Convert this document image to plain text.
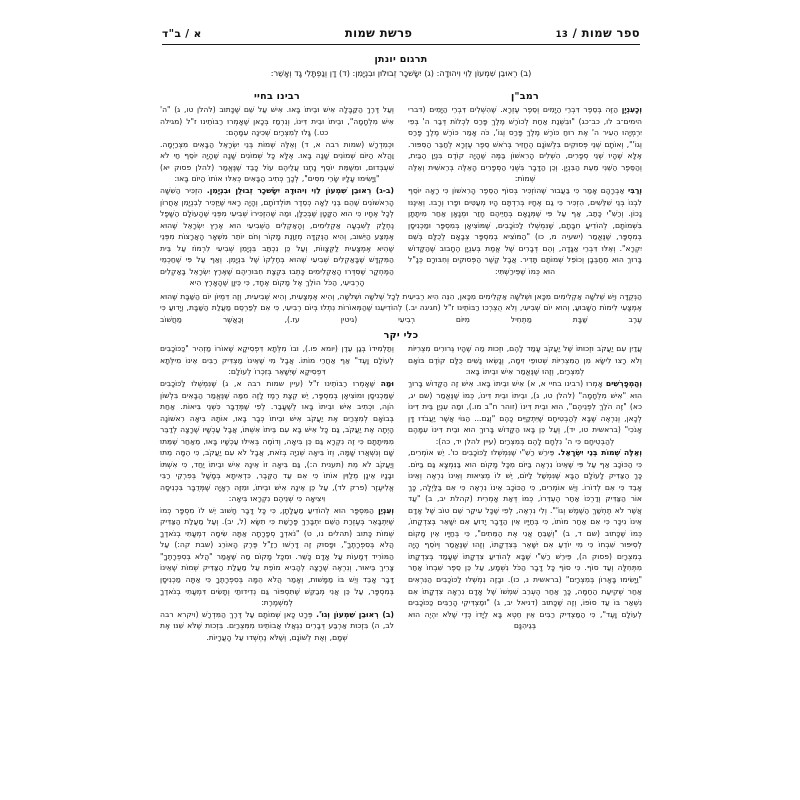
ספר שמות / 13
פרשת שמות
א / ב"ד
תרגום יונתן
(ב) רְאוּבֵן שִׁמְעוֹן לֵוִי וִיהוּדָה: (ג) יִשָׂשׁכָר זְבוּלוּן וּבִנְיָמִן: (ד) דָן וְנַפְתָּלִי גָד וְאָשֵׁר:
רמב"ן
וְכָעִנְיָן הַזֶּה בְּסֵפֶר דִּבְרֵי הַיָּמִים וְסֵפֶר עֶזְרָא. שֶׁהִשְׁלִים דִּבְרֵי הַיָּמִים (דברי הימים־ב לו, כב־כג) "וּבִשְׁנַת אַחַת לְכוֹרֶשׁ מֶלֶךְ פָּרַס לִכְלוֹת דְּבַר ה' בְּפִי יִרְמְיָהוּ הֵעִיר ה' אֶת רוּחַ כּוֹרֶשׁ מֶלֶךְ פָּרַס וְגוֹ', כֹּה אָמַר כּוֹרֶשׁ מֶלֶךְ פָּרַס וְגוֹ'", וְאוֹתָם שְׁנֵי פְּסוּקִים בִּלְשׁוֹנָם הֶחֱזִיר בְּרֹאשׁ סֵפֶר עֶזְרָא לְחַבֵּר הַסִּפּוּר. אֶלָּא שֶׁהָיוּ שְׁנֵי סְפָרִים, הִשְׁלִים הָרִאשׁוֹן בַּמֶּה שֶׁהָיָה קוֹדֶם בִּנְיַן הַבַּיִת, וְהַסֵּפֶר הַשֵּׁנִי מֵעֵת הַבִּנְיָן. וְכֵן הַדָּבָר בִּשְׁנֵי הַסְּפָרִים הָאֵלֶּה בְּרֵאשִׁית וְאֵלֶּה שְׁמוֹת:
וְרַבִּי אַבְרָהָם אָמַר כִּי בַּעֲבוּר שֶׁהוֹזְכִּיר בְּסוֹף הַסֵּפֶר הָרִאשׁוֹן כִּי רָאָה יוֹסֵף לִבְנוֹ בְּנֵי שִׁלֵּשִׁים, הִזְכִּיר כִּי גַם אֶחָיו בְּרִדְתָּם הָיוּ מְעַטִּים וּפָרוּ וְרָבוּ. וְאֵינֶנּוּ נָכוֹן. וְרַשִׁ"י כָּתַב, אַף עַל פִּי שֶׁמְּנָאָם בְּחַיֵּיהֶם חָזַר וּמְנָאָן אַחַר מִיתָתָן בִּשְׁמוֹתָם, לְהוֹדִיעַ חִבָּתָם, שֶׁנִּמְשְׁלוּ לַכּוֹכָבִים, שֶׁמּוֹצִיאָן בְּמִסְפָּר וּמַכְנִיסָן בְּמִסְפָּר, שֶׁנֶּאֱמַר (ישעיה מ, כו) "הַמּוֹצִיא בְמִסְפָּר צְבָאָם לְכֻלָּם בְּשֵׁם יִקְרָא". וְאֵלּוּ דִּבְרֵי אַגָּדָה, וְהֵם דְּבָרִים שֶׁל אֱמֶת בְּעִנְיָן הֶחָבוּב שֶׁהַקָּדוֹשׁ בָּרוּךְ הוּא מְחַבְּבָן וְכוֹפֵל שְׁמוֹתָם תָּדִיר. אֲבָל קֶשֶׁר הַפְּסוּקִים וְחִבּוּרָם כְּנָ"ל הוּא כְּמוֹ שֶׁפֵּירַשְׁתִּי:
רבינו בחיי
וְעַל דֶּרֶךְ הַקַּבָּלָה אִישׁ וּבֵיתוֹ בָּאוּ. אִישׁ עַל שֵׁם שֶׁכָּתוּב (להלן טו, ג) "ה' אִישׁ מִלְחָמָה", וּבֵיתוֹ וּבֵית דִּינוֹ, וְנִרְמַז בְּכָאן שֶׁאָמְרוּ רַבּוֹתֵינוּ ז"ל (מגילה כט.) גָּלוּ לְמִצְרַיִם שְׁכִינָה עִמָּהֶם:
וּכְמִדְרָשׁ (שמות רבה א, ד) וְאֵלֶּה שְׁמוֹת בְּנֵי יִשְׂרָאֵל הַבָּאִים מִצְרַיְמָה. וַהֲלֹא הַיּוֹם שְׁמוֹנִים שָׁנָה בָּאוּ. אֶלָּא כָּל שְׁמוֹנִים שָׁנָה שֶׁהָיָה יוֹסֵף חַי לֹא שִׁעְבְּדוּם, וּמִשֶּׁמֵּת יוֹסֵף נָתְנוּ עֲלֵיהֶם עוֹל כָּבֵד שֶׁנֶּאֱמַר (להלן פסוק יא) "וַיָּשִׂימוּ עָלָיו שָׂרֵי מִסִּים", לְכָךְ כְּתִיב הַבָּאִים כְּאִלּוּ אוֹתוֹ הַיּוֹם בָּאוּ:
(ב-ג) רְאוּבֵן שִׁמְעוֹן לֵוִי וִיהוּדָה יִשָׂשׁכָר זְבוּלֻן וּבִנְיָמִן. הִזְכִּיר הַשִּׁשָּׁה הָרִאשׁוֹנִים שֶׁהֵם בְּנֵי לֵאָה כְּסֵדֶר תּוֹלְדוֹתָם, וְהָיָה רָאוּי שֶׁיַּזְכִּיר לְבִנְיָמִן אַחֲרוֹן לְכָל אֶחָיו כִּי הוּא הַקָּטָן שֶׁבְּכֻלָּן, וּמַה שֶּׁהִזְכִּירוֹ שְׁבִיעִי מִפְּנֵי שֶׁהָעוֹלָם הַשָּׁפָל נֶחְלָק לְשִׁבְעָה אַקְלִימִים, וְהָאַקְלִים הַשְּׁבִיעִי הוּא אֶרֶץ יִשְׂרָאֵל שֶׁהוּא אֶמְצַע הַיִּשּׁוּב, וְהִיא הַנְּקֻדָּה מְזֻוֶּנֶת מָקוֹר וְחֹם יוֹתֵר מִשְּׁאָר הָאֲרָצוֹת מִפְּנֵי שֶׁהִיא אֶמְצָעִית לַקְּצָווֹת, וְעַל כֵּן נִכְתַּב בִּנְיָמִן שְׁבִיעִי לִרְמוֹז עַל בֵּית הַמִּקְדָּשׁ שֶׁבָּאַקְלִים שְׁבִיעִי שֶׁהוּא בְּחֶלְקוֹ שֶׁל בִּנְיָמִן. וְאַף עַל פִּי שֶׁחַכְמֵי הַמֶּחְקָר שֶׁסִּדְּרוּ הָאַקְלִימִים כָּתְבוּ בִּקְצָת חִבּוּרֵיהֶם שֶׁאֶרֶץ יִשְׂרָאֵל בָּאַקְלִים הָרְבִיעִי, הַכֹּל הוֹלֵךְ אֶל מָקוֹם אֶחָד, כִּי כֵּיוָן שֶׁהָאָרֶץ הִיא
הַנְּקֻדָּה וְיֵשׁ שְׁלֹשָׁה אַקְלִימִים מִכָּאן וּשְׁלֹשָׁה אַקְלִימִים מִכָּאן, הִנֵּה הִיא רְבִיעִית לְכָל שְׁלֹשָׁה וּשְׁלֹשָׁה, וְהִיא אֶמְצָעִית, וְהִיא שְׁבִיעִית, וְזֶה דִּמְיוֹן יוֹם הַשַּׁבָּת שֶׁהוּא אֶמְצָעִי לִימוֹת הַשָּׁבוּעַ, וְהוּא יוֹם שְׁבִיעִי, וְלֹא הֻצְרְכוּ רַבּוֹתֵינוּ ז"ל (חגיגה יב.) לְהוֹדִיעֵנוּ שֶׁהַמְּאוֹרוֹת נִתְלוּ בְּיוֹם רְבִיעִי, כִּי אִם לְפַרְסֵם מַעֲלַת הַשַּׁבָּת, וְיָדוּעַ כִּי עֶרֶב שַׁבָּת מַתְחִיל מִיּוֹם רְבִיעִי (גיטין עז.), וְכַאֲשֶׁר מַחֲשׁוֹב
כלי יקר
עֲדַיִן עִם יַעֲקֹב וּזְכוּתוֹ שֶׁל יַעֲקֹב עָמַד לָהֶם, וּזְכוּת מַה שֶׁהָיוּ גְּרוּרִים מִצְרִיּוֹת וְלֹא רָצוּ לִישָׂא מִן הַמִּצְרִיּוֹת שְׁטוּפֵי זִימָה, וְנָשְׂאוּ נָשִׁים כֻּלָּם קוֹדֶם בּוֹאָם לְמִצְרַיִם, וְזֶהוּ שֶׁנֶּאֱמַר אִישׁ וּבֵיתוֹ בָּאוּ:
וְהַמְפָרְשִׁים אָמְרוּ (רבינו בחיי א, א) אִישׁ וּבֵיתוֹ בָּאוּ. אִישׁ זֶה הַקָּדוֹשׁ בָּרוּךְ הוּא "אִישׁ מִלְחָמָה" (להלן טו, ג), וּבֵיתוֹ וּבֵית דִּינוֹ, כְּמוֹ שֶׁנֶּאֱמַר (שם יג, כא) "זֶה הֹלֵךְ לִפְנֵיהֶם", הוּא וּבֵית דִּינוֹ (זוהר ח"ב מו.), וּמַה עִנְיַן בֵּית דִּינוֹ לְכָאן, וְנִרְאֶה שֶׁבָּא לְהַבְטִיחָם שֶׁיִּתְקַיֵּים כָּהֶם "וְגַם... הַגּוֹי אֲשֶׁר יַעֲבֹדוּ דָּן אָנֹכִי" (בראשית טו, יד), וְעַל כֵּן בָּאוּ הַקָּדוֹשׁ בָּרוּךְ הוּא וּבֵית דִּינוֹ עִמָּהֶם לְהַבְטִיחָם כִּי ה' נִלְחָם לָהֶם בְּמִצְרַיִם (עיין להלן יד, כה):
וְאֵלֶּה שְׁמוֹת בְּנֵי יִשְׂרָאֵל. פֵּירֵשׁ רַשִׁ"י שֶׁנִּמְשְׁלוּ לַכּוֹכָבִים כוּ'. יֵשׁ אוֹמְרִים, כִּי הַכּוֹכָב אַף עַל פִּי שֶׁאֵינוֹ נִרְאֶה בַּיּוֹם מִכָּל מָקוֹם הוּא בַּנִּמְצָא גַּם בַּיּוֹם. כָּךְ הַצַּדִּיק לָעוֹלָם הַבָּא שֶׁנִּמְשַׁל לַיּוֹם, יֵשׁ לוֹ מְצִיאוּת וְאֵינוֹ נִרְאֶה וְאֵינוֹ אָבֵד כִּי אִם לְדוֹרוֹ. וְיֵשׁ אוֹמְרִים, כִּי הַכּוֹכָב אֵינוֹ נִרְאֶה כִּי אִם בַּלַּיְלָה, כָּךְ אוֹר הַצַּדִּיק וְדַרְכּוֹ אַחַר הֶעְדֵּרוֹ, כְּמוֹ דְּאַת אָמְרִית (קהלת יב, ב) "עַד אֲשֶׁר לֹא תֶחְשַׁךְ הַשֶּׁמֶשׁ וְגוֹ'". וְלִי נִרְאֶה, לְפִי שֶׁכָּל עִיקַר שֵׁם טוֹב שֶׁל אָדָם אֵינוֹ נִיכָּר כִּי אִם אַחַר מוֹתוֹ, כִּי בְּחַיָּיו אֵין הַדָּבָר יָדוּעַ אִם יִשָּׁאֵר בְּצִדְקָתוֹ, כְּמוֹ שֶׁכָּתוּב (שם ד, ב) "וְשַׁבֵּחַ אֲנִי אֶת הַמֵּתִים", כִּי בְּחַיָּיו אֵין מָקוֹם לְסִיפּוּר שִׁבְחוֹ כִּי מִי יוֹדֵעַ אִם יִשָּׁאֵר בְּצִדְקָתוֹ, וְזֶהוּ שֶׁנֶּאֱמַר וְיוֹסֵף הָיָה בְמִצְרָיִם (פסוק ה), פֵּירֵשׁ רַשִׁ"י שֶׁבָּא לְהוֹדִיעַ צִדְקָתוֹ שֶׁעָמַד בְּצִדְקָתוֹ מִתְּחִלָּה וְעַד סוֹף. כִּי סוֹף כָּל דָּבָר הַכֹּל נִשְׁמָע, עַל כֵּן סֵפֶר שִׁבְחוֹ אַחַר "וַיָּשִׂימוּ בָּאָרוֹן בְּמִצְרָיִם" (בראשית נ, כו). וּבָזֶה נִמְשְׁלוּ לַכּוֹכָבִים הַנִּרְאִים אַחַר שְׁקִיעַת הַחַמָּה, כָּךְ אַחַר הֶעְרֵב שִׁמְשׁוֹ שֶׁל אָדָם נִרְאָה צִדְקָתוֹ אִם נִשְׁאַר בּוֹ עַד סוֹפוֹ, וְזֶה שֶׁכָּתוּב (דניאל יב, ג) "וּמַצְדִּיקֵי הָרַבִּים כַּכּוֹכָבִים לְעוֹלָם וָעֶד", כִּי הַמַּצְדִּיק רַבִּים אֵין חֵטְא בָּא לְיָדוֹ כְּדֵי שֶׁלֹּא יִהְיֶה הוּא בְּגֵיהִנָּם
וְתַלְמִידוֹ בְּגַן עֵדֶן (יומא פו.), וּבוֹ מִלְּתָא דִּפְסִיקָא שֶׁאוֹרוֹ מַזְהִיר "כַּכּוֹכָבִים לְעוֹלָם וָעֶד" אַף אַחֲרֵי מוֹתוֹ. אֲבָל מִי שֶׁאֵינוֹ מַצְדִּיק רַבִּים אֵינוֹ מִילְּתָא דִּפְסִיקָא שֶׁיִּשָּׁאֵר בְּזִכְרוֹ לְעוֹלָם:
וּמַה שֶּׁאָמְרוּ רַבּוֹתֵינוּ ז"ל (עיין שמות רבה א, ג) שֶׁנִּמְשְׁלוּ לַכּוֹכָבִים שֶׁמַּכְנִיסָן וּמוֹצִיאָן בְּמִסְפָּר, יֵשׁ קְצָת רֶמֶז לָזֶה מִמַּה שֶּׁנֶּאֱמַר הַבָּאִים בִּלְשׁוֹן הֹוֶה, וּכְתִיב אִישׁ וּבֵיתוֹ בָּאוּ לְשֶׁעָבַר. לְפִי שֶׁמְּדֻבָּר כִּשְׁנֵי בִּיאוֹת. אַחַת בְּבוֹאָם לְמִצְרַיִם אֶת יַעֲקֹב אִישׁ וּבֵיתוֹ כְּבָר בָּאוּ, אוֹתָהּ בִּיאָה רִאשׁוֹנָה הָיְתָה אֶת יַעֲקֹב, גַּם כָּל אִישׁ בָּא עִם בֵּיתוֹ אִשְׁתּוֹ, אֲבָל עַכְשָׁיו שֶׁרָצָה לְדַבֵּר מִמִּיתָתָם כִּי זֶה נִקְרָא גַּם כֵּן בִּיאָה, וְדוֹמֶה בְּאִילּוּ עַכְשָׁיו בָּאוּ, מֵאַחַר שֶׁמֵּתוּ שָׁם וְנִשְׁאֲרוּ שָׁמָּה, וְזוֹ בִּיאָה שְׁנִיָּה בְּזֹאת, אֲבָל לֹא עִם יַעֲקֹב, כִּי הֵמָּה מֵתוּ וְיַעֲקֹב לֹא מֵת (תענית ה:), גַּם בִּיאָה זוֹ אֵינָהּ אִישׁ וּבֵיתוֹ יַחַד, כִּי אִשְׁתּוֹ וּבָנָיו אֵינָן מְלַוִּין אוֹתוֹ כִּי אִם עַד הַקֶּבֶר, כִּדְאִיתָא בְּמָשָׁל בְּפִרְקֵי רַבִּי אֱלִיעֶזֶר (פרק לד), עַל כֵּן אֵינָהּ אִישׁ וּבֵיתוֹ, וּמִזֶּה רְאָיָה שֶׁמְּדֻבָּר בִּכְנִיסָה וִיצִיאָה כִּי שְׁנֵיהֶם נִקְרָאוּ בִּיאָה:
וְעִנְיַן הַמִּסְפָּר הוּא לְהוֹדִיעַ מַעֲלָתָן, כִּי כָּל דָּבָר חָשׁוּב יֵשׁ לוֹ מִסְפָּר כְּמוֹ שֶׁיִּתְבָּאֵר בְּעֶזְרַת הַשֵּׁם יִתְבָּרֵךְ פָּרָשַׁת כִּי תִשָּׂא (ל, יב). וְעַל מַעֲלַת הַצַּדִּיק שְׁמוֹת כָּתוּב (תהלים נו, ט) "נֹאדְךָ סְפָרָתָה אַתָּה שִׂימָה דִמְעָתִי בְנֹאדֶךָ הֲלֹא בְּסִפְרָתֶךָ", וּפָסוּק זֶה דָּרְשׁוּ רַזַ"ל פֶּרֶק הָאוֹרֵג (שבת קה:) עַל הַמּוֹרִיד דְּמָעוֹת עַל אָדָם כָּשֵׁר. וּמִכָּל מָקוֹם מַה שֶּׁאָמַר "הֲלֹא בְּסִפְרָתֶךָ" צָרִיךְ בֵּיאוּר, וְנִרְאֶה שֶׁרָצָה לְהָבִיא מוֹפֵת עַל מַעֲלַת הַצַּדִּיק שְׁמוֹת שֶׁאֵינוֹ דָּבָר אָבֵד וְיֵשׁ בּוֹ מַמָּשׁוּת, וְאָמַר הֲלֹא הֵמָּה בְּסִפְרָתֶךָ כִּי אַתָּה מַכְנִיסָן בְּמִסְפָּר, עַל כֵּן אֲנִי מְבַקֵּשׁ שֶׁתִּסְפּוֹר גַּם נְדִידוּתַי וְתָשִׂים דִּמְעָתִי בְנֹאדֶךָ לְמִשְׁמֶרֶת:
(ב) רְאוּבֵן שִׁמְעוֹן וְגוֹ'. פְּרָט כָּאן שְׁמוֹתָם עַל דֶּרֶךְ הַמִּדְרָשׁ (ויקרא רבה לב, ה) בִּזְכוּת אַרְבַּע דְּבָרִים נִגְאֲלוּ אֲבוֹתֵינוּ מִמִּצְרַיִם. בִּזְכוּת שֶׁלֹּא שִׁנּוּ אֶת שְׁמָם, וְאֶת לְשׁוֹנָם, וְשֶׁלֹּא נֶחְשְׁדוּ עַל הָעֲרָיוֹת.
